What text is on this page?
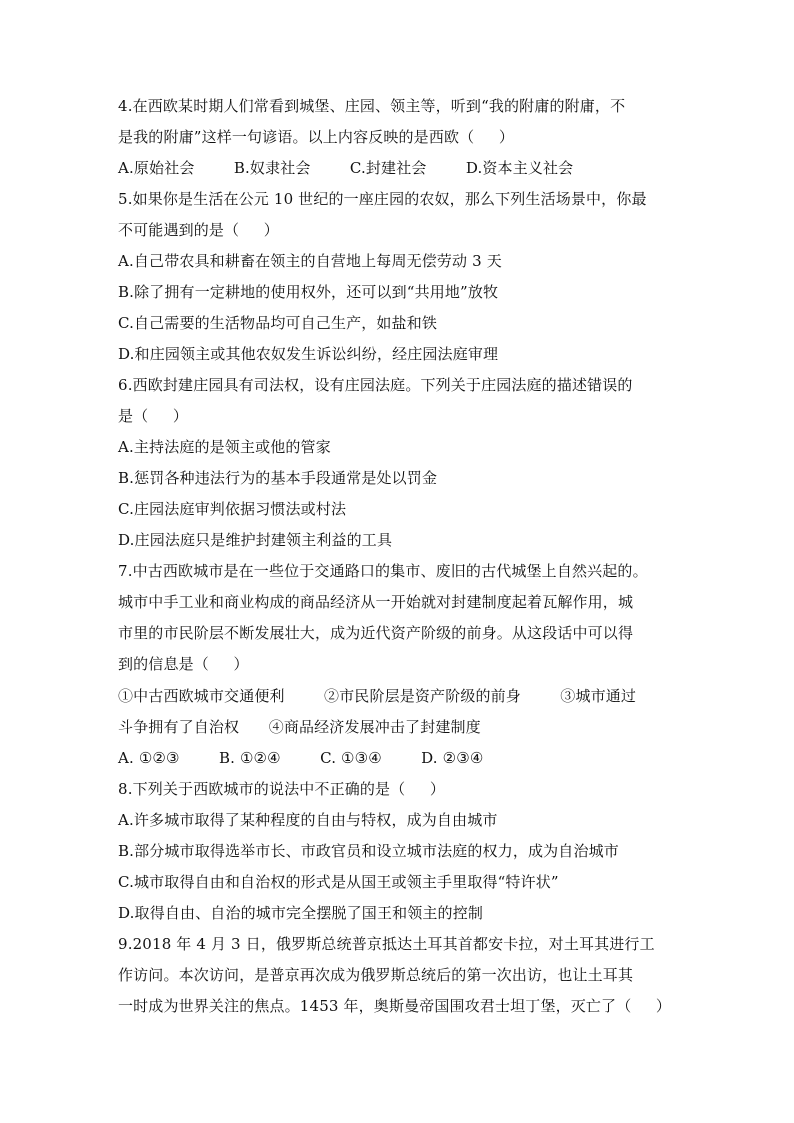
4.在西欧某时期人们常看到城堡、庄园、领主等，听到“我的附庸的附庸，不
是我的附庸”这样一句谚语。以上内容反映的是西欧（     ）
A.原始社会        B.奴隶社会        C.封建社会        D.资本主义社会
5.如果你是生活在公元 10 世纪的一座庄园的农奴，那么下列生活场景中，你最
不可能遇到的是（     ）
A.自己带农具和耕畜在领主的自营地上每周无偿劳动 3 天
B.除了拥有一定耕地的使用权外，还可以到“共用地”放牧
C.自己需要的生活物品均可自己生产，如盐和铁
D.和庄园领主或其他农奴发生诉讼纠纷，经庄园法庭审理
6.西欧封建庄园具有司法权，设有庄园法庭。下列关于庄园法庭的描述错误的
是（     ）
A.主持法庭的是领主或他的管家
B.惩罚各种违法行为的基本手段通常是处以罚金
C.庄园法庭审判依据习惯法或村法
D.庄园法庭只是维护封建领主利益的工具
7.中古西欧城市是在一些位于交通路口的集市、废旧的古代城堡上自然兴起的。
城市中手工业和商业构成的商品经济从一开始就对封建制度起着瓦解作用，城
市里的市民阶层不断发展壮大，成为近代资产阶级的前身。从这段话中可以得
到的信息是（     ）
①中古西欧城市交通便利        ②市民阶层是资产阶级的前身        ③城市通过
斗争拥有了自治权      ④商品经济发展冲击了封建制度
A. ①②③        B. ①②④        C. ①③④        D. ②③④
8.下列关于西欧城市的说法中不正确的是（     ）
A.许多城市取得了某种程度的自由与特权，成为自由城市
B.部分城市取得选举市长、市政官员和设立城市法庭的权力，成为自治城市
C.城市取得自由和自治权的形式是从国王或领主手里取得“特许状”
D.取得自由、自治的城市完全摆脱了国王和领主的控制
9.2018 年 4 月 3 日，俄罗斯总统普京抵达土耳其首都安卡拉，对土耳其进行工
作访问。本次访问，是普京再次成为俄罗斯总统后的第一次出访，也让土耳其
一时成为世界关注的焦点。1453 年，奥斯曼帝国围攻君士坦丁堡，灭亡了（     ）
